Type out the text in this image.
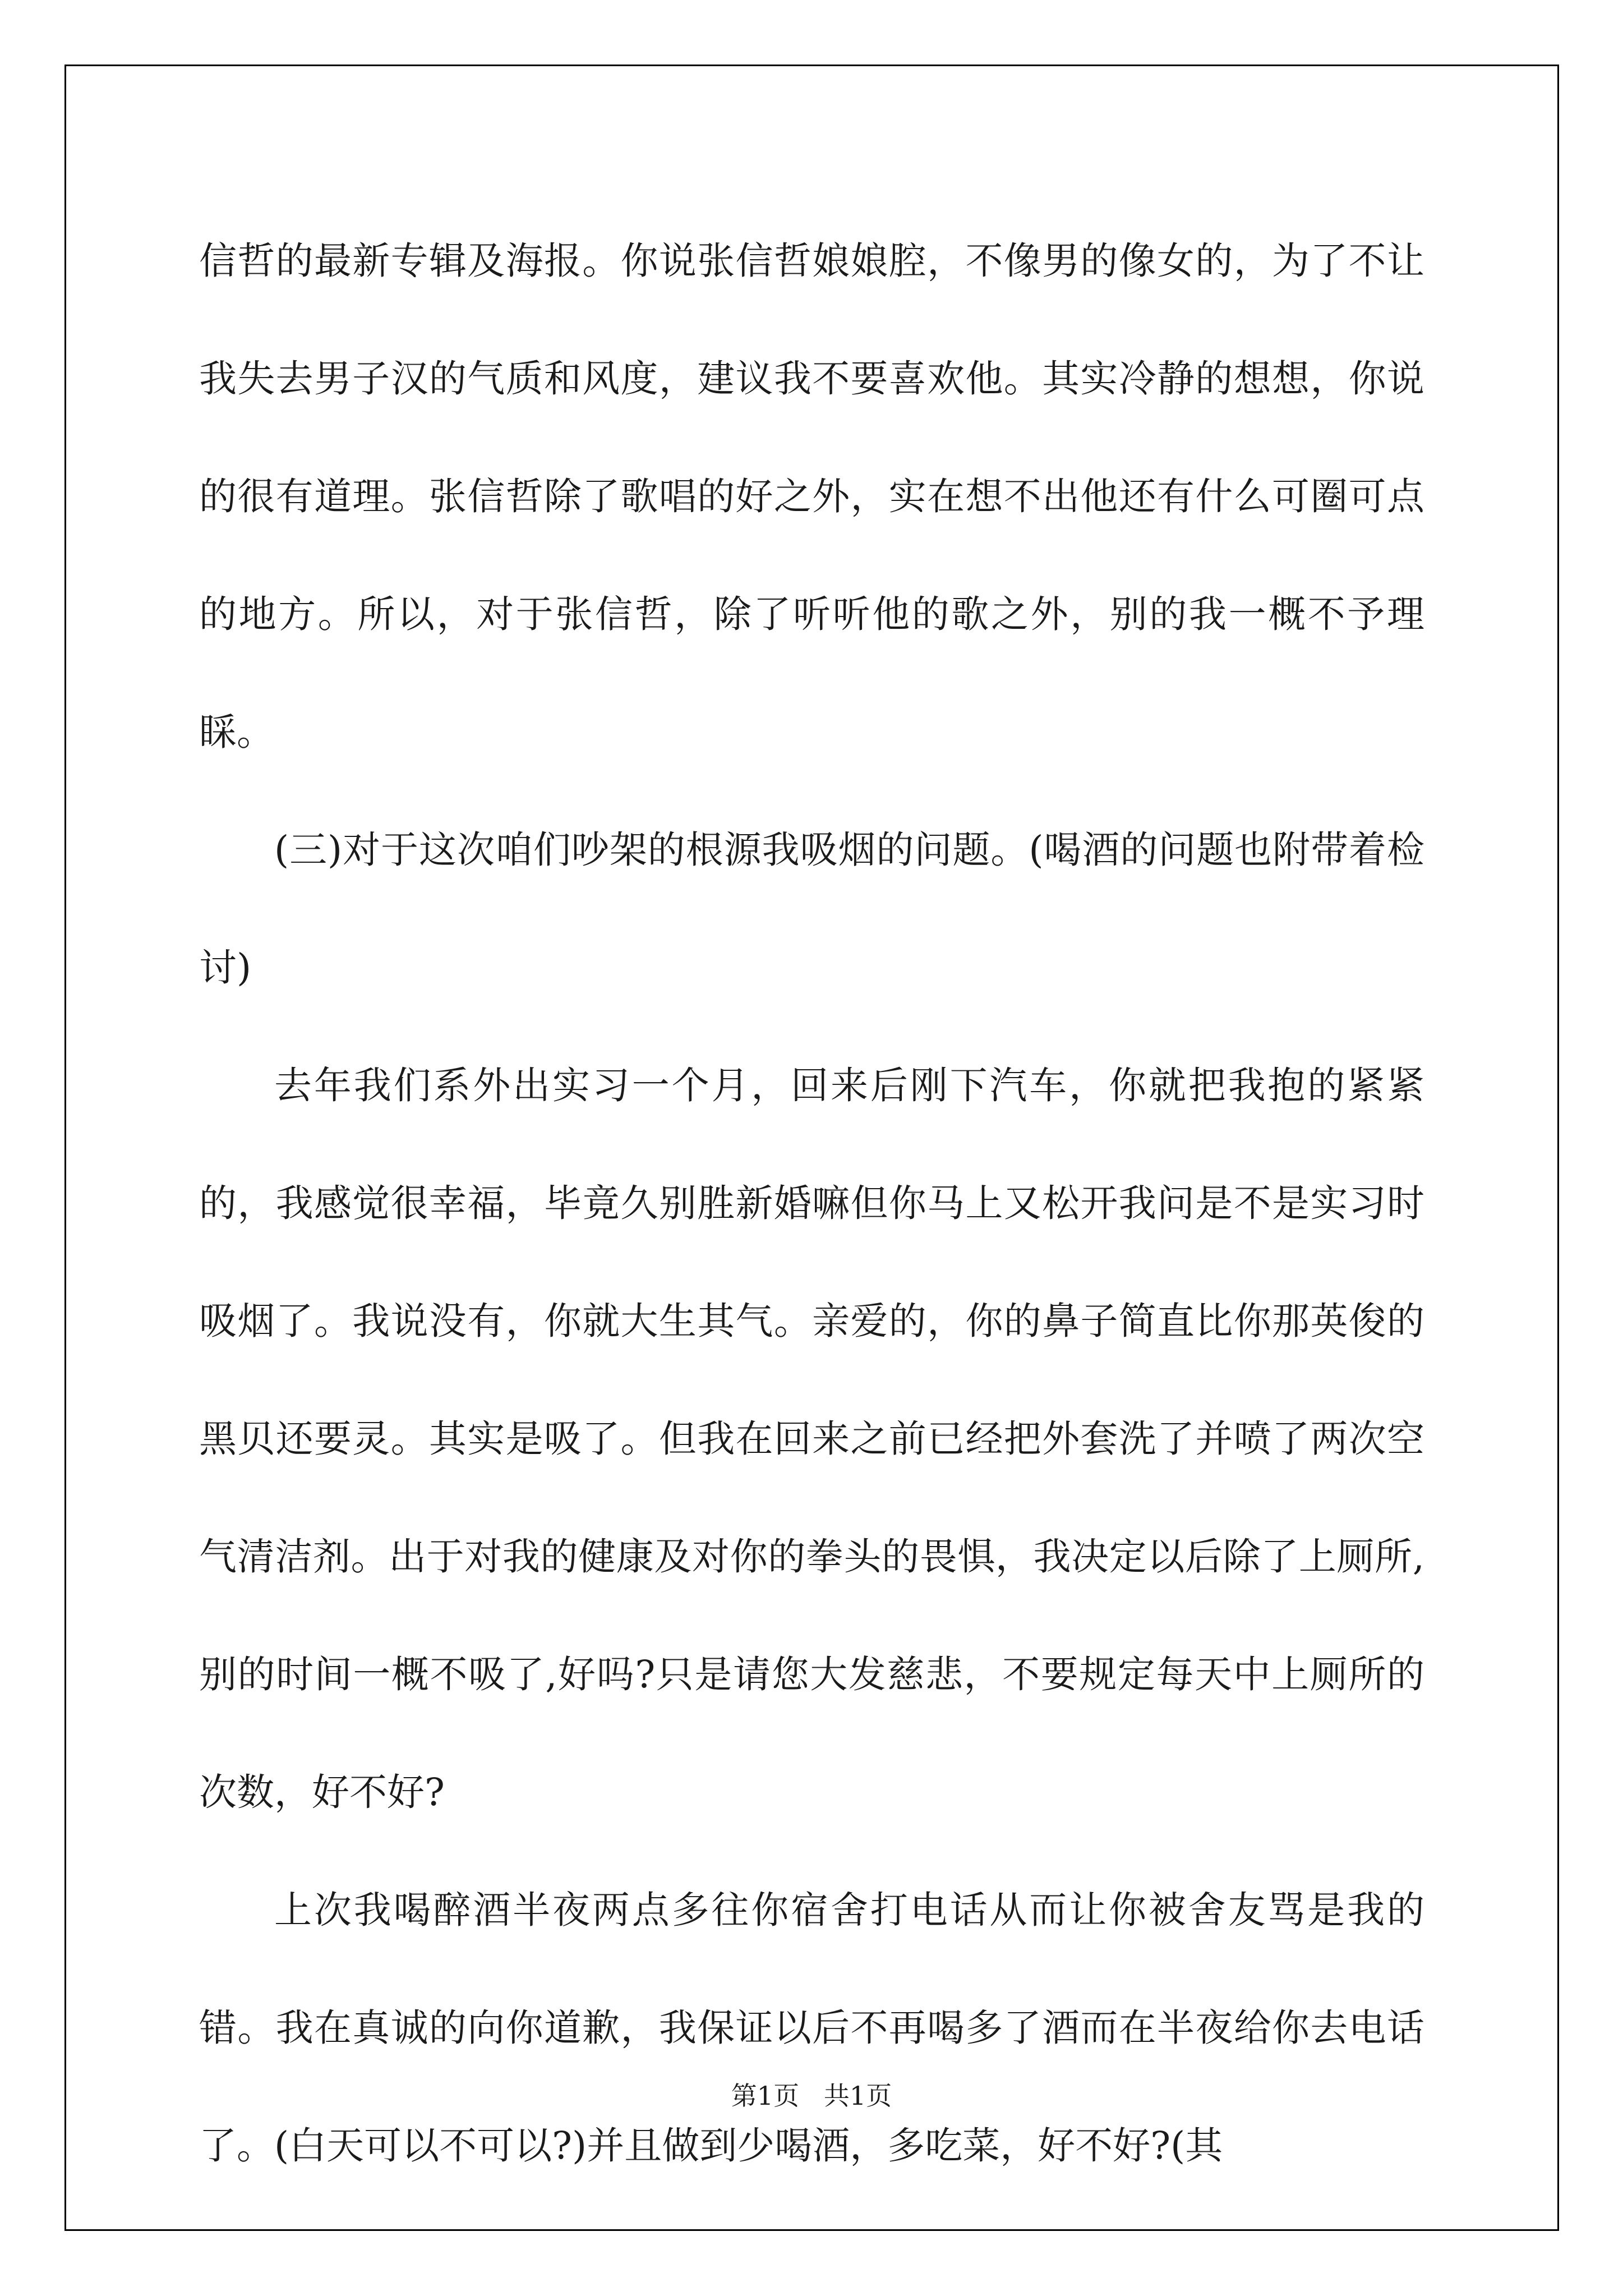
信哲的最新专辑及海报。你说张信哲娘娘腔，不像男的像女的，为了不让我失去男子汉的气质和风度，建议我不要喜欢他。其实冷静的想想，你说的很有道理。张信哲除了歌唱的好之外，实在想不出他还有什么可圈可点的地方。所以，对于张信哲，除了听听他的歌之外，别的我一概不予理睬。

(三)对于这次咱们吵架的根源我吸烟的问题。(喝酒的问题也附带着检讨)

去年我们系外出实习一个月，回来后刚下汽车，你就把我抱的紧紧的，我感觉很幸福，毕竟久别胜新婚嘛但你马上又松开我问是不是实习时吸烟了。我说没有，你就大生其气。亲爱的，你的鼻子简直比你那英俊的黑贝还要灵。其实是吸了。但我在回来之前已经把外套洗了并喷了两次空气清洁剂。出于对我的健康及对你的拳头的畏惧，我决定以后除了上厕所,别的时间一概不吸了,好吗?只是请您大发慈悲，不要规定每天中上厕所的次数，好不好?

上次我喝醉酒半夜两点多往你宿舍打电话从而让你被舍友骂是我的错。我在真诚的向你道歉，我保证以后不再喝多了酒而在半夜给你去电话了。(白天可以不可以?)并且做到少喝酒，多吃菜，好不好?(其

第1页   共1页
